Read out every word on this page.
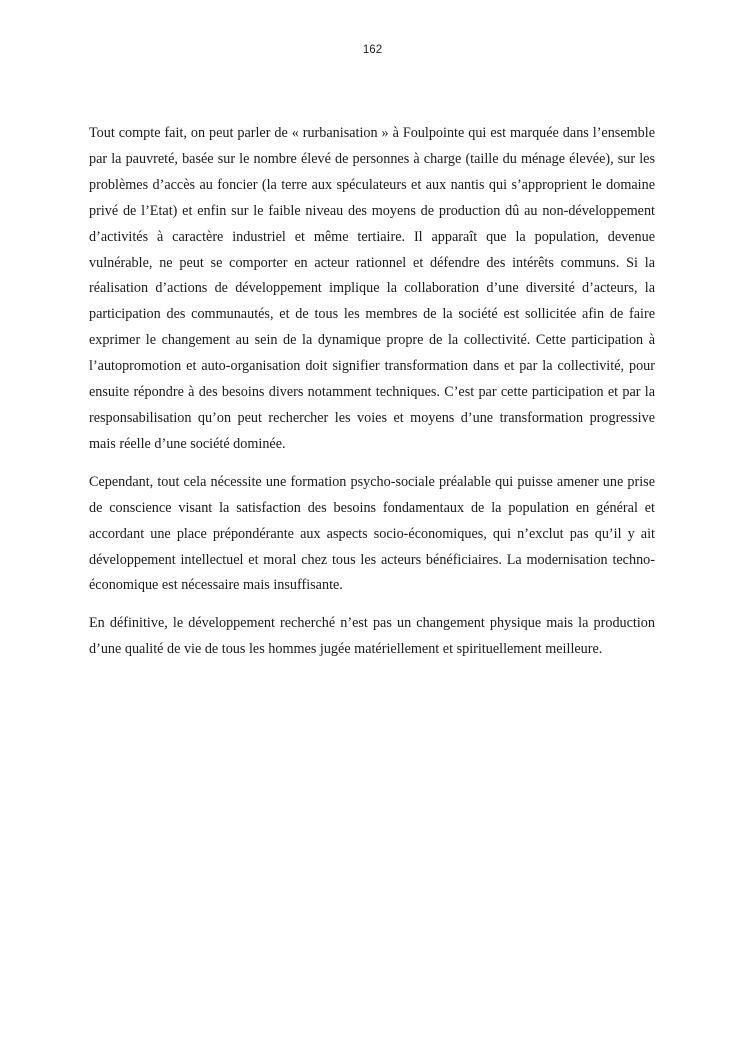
162

Tout compte fait, on peut parler de « rurbanisation » à Foulpointe qui est marquée dans l’ensemble par la pauvreté, basée sur le nombre élevé de personnes à charge (taille du ménage élevée), sur les problèmes d’accès au foncier (la terre aux spéculateurs et aux nantis qui s’approprient le domaine privé de l’Etat) et enfin sur le faible niveau des moyens de production dû au non-développement d’activités à caractère industriel et même tertiaire. Il apparaît que la population, devenue vulnérable, ne peut se comporter en acteur rationnel et défendre des intérêts communs. Si la réalisation d’actions de développement implique la collaboration d’une diversité d’acteurs, la participation des communautés, et de tous les membres de la société est sollicitée afin de faire exprimer le changement au sein de la dynamique propre de la collectivité. Cette participation à l’autopromotion et auto-organisation doit signifier transformation dans et par la collectivité, pour ensuite répondre à des besoins divers notamment techniques. C’est par cette participation et par la responsabilisation qu’on peut rechercher les voies et moyens d’une transformation progressive mais réelle d’une société dominée.

Cependant, tout cela nécessite une formation psycho-sociale préalable qui puisse amener une prise de conscience visant la satisfaction des besoins fondamentaux de la population en général et accordant une place prépondérante aux aspects socio-économiques, qui n’exclut pas qu’il y ait développement intellectuel et moral chez tous les acteurs bénéficiaires. La modernisation techno-économique est nécessaire mais insuffisante.

En définitive, le développement recherché n’est pas un changement physique mais la production d’une qualité de vie de tous les hommes jugée matériellement et spirituellement meilleure.
